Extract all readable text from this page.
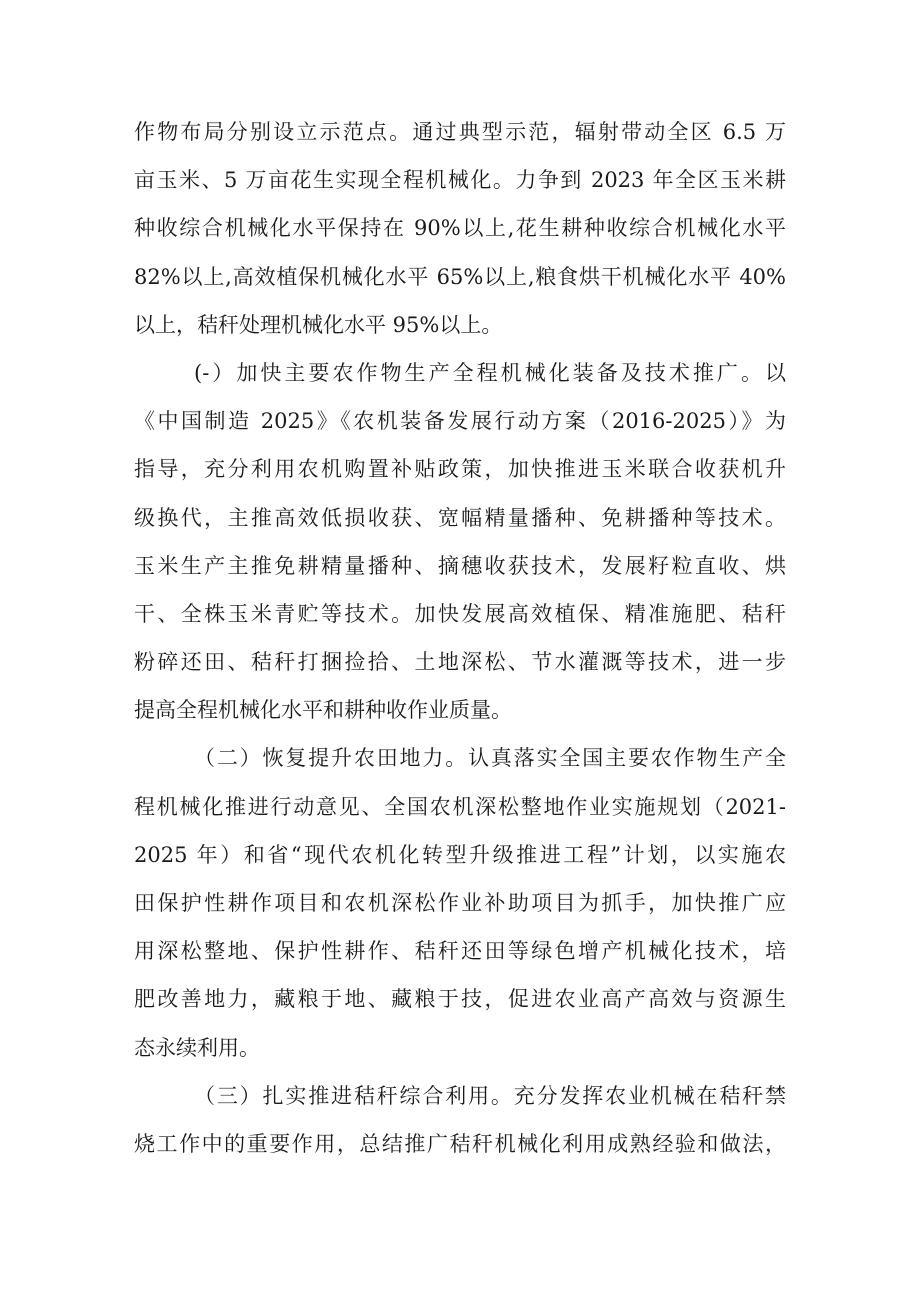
作物布局分别设立示范点。通过典型示范，辐射带动全区 6.5 万
亩玉米、5 万亩花生实现全程机械化。力争到 2023 年全区玉米耕
种收综合机械化水平保持在 90%以上,花生耕种收综合机械化水平
82%以上,高效植保机械化水平 65%以上,粮食烘干机械化水平 40%
以上，秸秆处理机械化水平 95%以上。
(-）加快主要农作物生产全程机械化装备及技术推广。以
《中国制造 2025》《农机装备发展行动方案（2016-2025）》为
指导，充分利用农机购置补贴政策，加快推进玉米联合收获机升
级换代，主推高效低损收获、宽幅精量播种、免耕播种等技术。
玉米生产主推免耕精量播种、摘穗收获技术，发展籽粒直收、烘
干、全株玉米青贮等技术。加快发展高效植保、精准施肥、秸秆
粉碎还田、秸秆打捆捡拾、土地深松、节水灌溉等技术，进一步
提高全程机械化水平和耕种收作业质量。
（二）恢复提升农田地力。认真落实全国主要农作物生产全
程机械化推进行动意见、全国农机深松整地作业实施规划（2021-
2025 年）和省“现代农机化转型升级推进工程”计划，以实施农
田保护性耕作项目和农机深松作业补助项目为抓手，加快推广应
用深松整地、保护性耕作、秸秆还田等绿色增产机械化技术，培
肥改善地力，藏粮于地、藏粮于技，促进农业高产高效与资源生
态永续利用。
（三）扎实推进秸秆综合利用。充分发挥农业机械在秸秆禁
烧工作中的重要作用，总结推广秸秆机械化利用成熟经验和做法，
